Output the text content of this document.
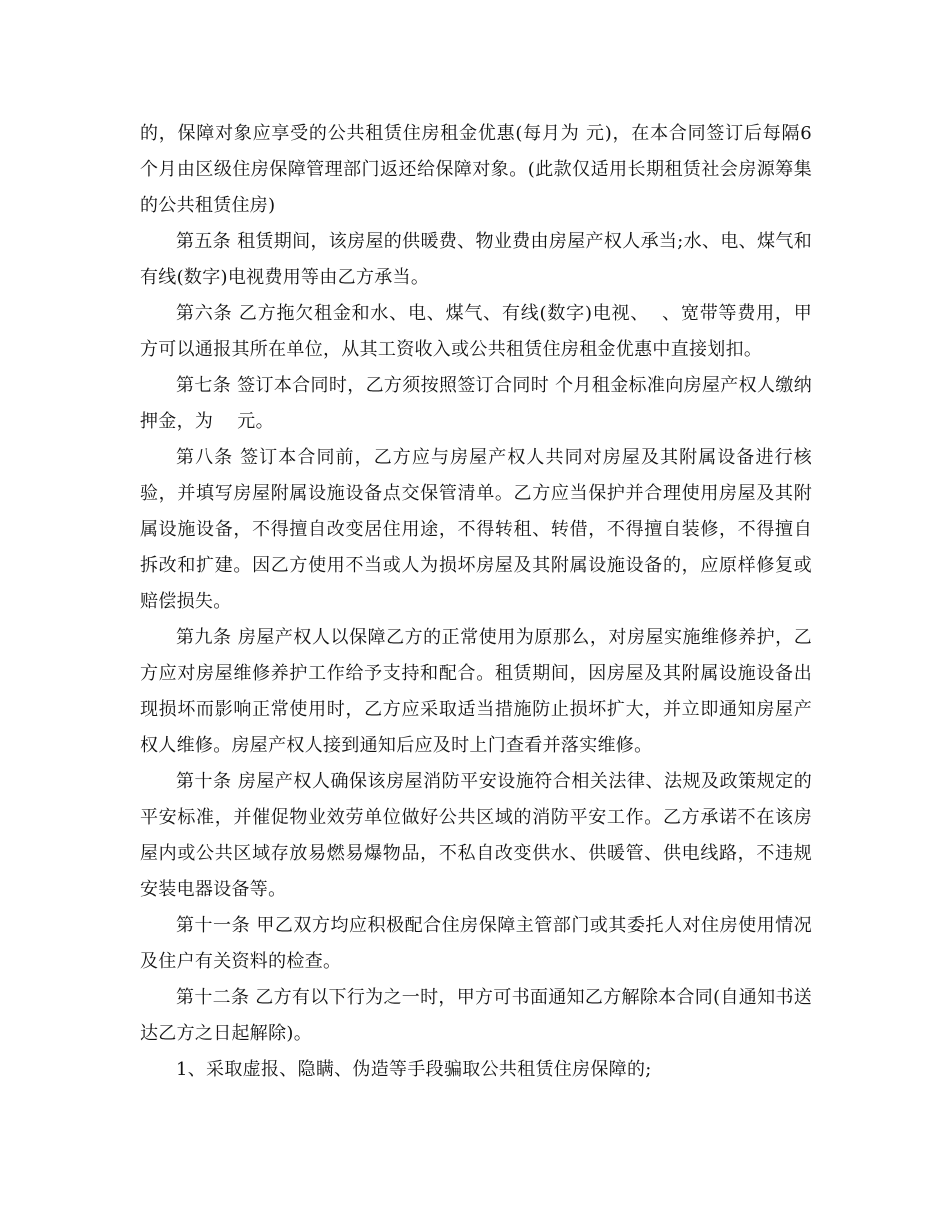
的，保障对象应享受的公共租赁住房租金优惠(每月为 元)，在本合同签订后每隔6个月由区级住房保障管理部门返还给保障对象。(此款仅适用长期租赁社会房源筹集的公共租赁住房)

第五条 租赁期间，该房屋的供暖费、物业费由房屋产权人承当;水、电、煤气和有线(数字)电视费用等由乙方承当。

第六条 乙方拖欠租金和水、电、煤气、有线(数字)电视、  、宽带等费用，甲方可以通报其所在单位，从其工资收入或公共租赁住房租金优惠中直接划扣。

第七条 签订本合同时，乙方须按照签订合同时 个月租金标准向房屋产权人缴纳押金，为    元。

第八条 签订本合同前，乙方应与房屋产权人共同对房屋及其附属设备进行核验，并填写房屋附属设施设备点交保管清单。乙方应当保护并合理使用房屋及其附属设施设备，不得擅自改变居住用途，不得转租、转借，不得擅自装修，不得擅自拆改和扩建。因乙方使用不当或人为损坏房屋及其附属设施设备的，应原样修复或赔偿损失。

第九条 房屋产权人以保障乙方的正常使用为原那么，对房屋实施维修养护，乙方应对房屋维修养护工作给予支持和配合。租赁期间，因房屋及其附属设施设备出现损坏而影响正常使用时，乙方应采取适当措施防止损坏扩大，并立即通知房屋产权人维修。房屋产权人接到通知后应及时上门查看并落实维修。

第十条 房屋产权人确保该房屋消防平安设施符合相关法律、法规及政策规定的平安标准，并催促物业效劳单位做好公共区域的消防平安工作。乙方承诺不在该房屋内或公共区域存放易燃易爆物品，不私自改变供水、供暖管、供电线路，不违规安装电器设备等。

第十一条 甲乙双方均应积极配合住房保障主管部门或其委托人对住房使用情况及住户有关资料的检查。

第十二条 乙方有以下行为之一时，甲方可书面通知乙方解除本合同(自通知书送达乙方之日起解除)。

1、采取虚报、隐瞒、伪造等手段骗取公共租赁住房保障的;
